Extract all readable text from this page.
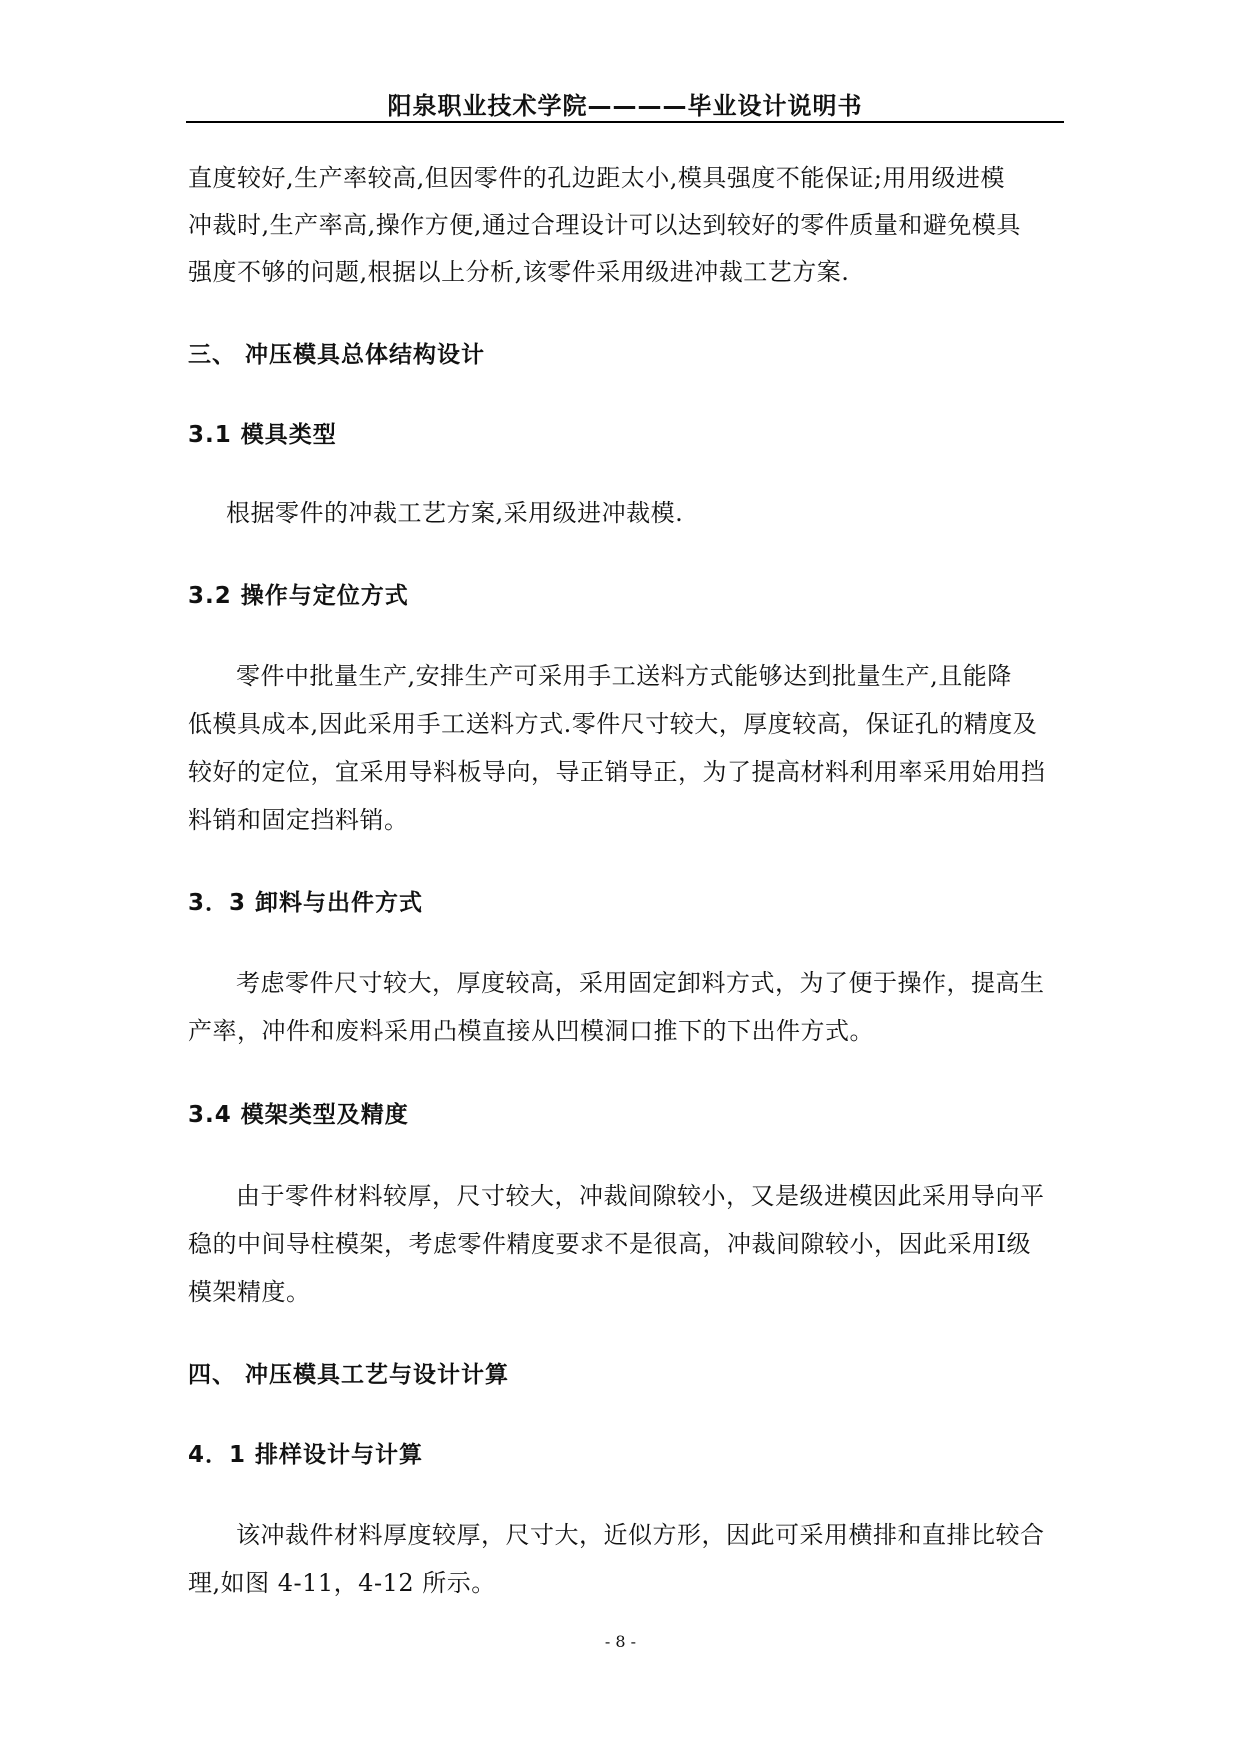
阳泉职业技术学院————毕业设计说明书
直度较好,生产率较高,但因零件的孔边距太小,模具强度不能保证;用用级进模
冲裁时,生产率高,操作方便,通过合理设计可以达到较好的零件质量和避免模具
强度不够的问题,根据以上分析,该零件采用级进冲裁工艺方案.
三、 冲压模具总体结构设计
3.1 模具类型
根据零件的冲裁工艺方案,采用级进冲裁模.
3.2 操作与定位方式
零件中批量生产,安排生产可采用手工送料方式能够达到批量生产,且能降
低模具成本,因此采用手工送料方式.零件尺寸较大，厚度较高，保证孔的精度及
较好的定位，宜采用导料板导向，导正销导正，为了提高材料利用率采用始用挡
料销和固定挡料销。
3．3 卸料与出件方式
考虑零件尺寸较大，厚度较高，采用固定卸料方式，为了便于操作，提高生
产率，冲件和废料采用凸模直接从凹模洞口推下的下出件方式。
3.4 模架类型及精度
由于零件材料较厚，尺寸较大，冲裁间隙较小，又是级进模因此采用导向平
稳的中间导柱模架，考虑零件精度要求不是很高，冲裁间隙较小，因此采用Ⅰ级
模架精度。
四、 冲压模具工艺与设计计算
4．1 排样设计与计算
该冲裁件材料厚度较厚，尺寸大，近似方形，因此可采用横排和直排比较合
理,如图 4-11，4-12 所示。
- 8 -
